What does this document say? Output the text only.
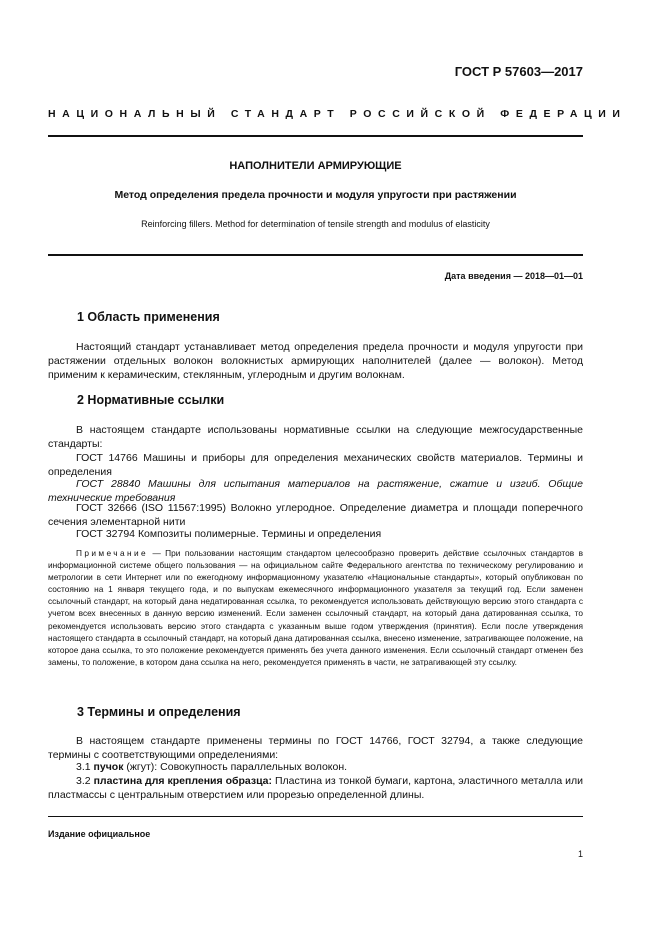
ГОСТ Р 57603—2017
НАЦИОНАЛЬНЫЙ СТАНДАРТ РОССИЙСКОЙ ФЕДЕРАЦИИ
НАПОЛНИТЕЛИ АРМИРУЮЩИЕ
Метод определения предела прочности и модуля упругости при растяжении
Reinforcing fillers. Method for determination of tensile strength and modulus of elasticity
Дата введения — 2018—01—01
1 Область применения
Настоящий стандарт устанавливает метод определения предела прочности и модуля упругости при растяжении отдельных волокон волокнистых армирующих наполнителей (далее — волокон). Метод применим к керамическим, стеклянным, углеродным и другим волокнам.
2 Нормативные ссылки
В настоящем стандарте использованы нормативные ссылки на следующие межгосударственные стандарты:
ГОСТ 14766 Машины и приборы для определения механических свойств материалов. Термины и определения
ГОСТ 28840 Машины для испытания материалов на растяжение, сжатие и изгиб. Общие технические требования
ГОСТ 32666 (ISO 11567:1995) Волокно углеродное. Определение диаметра и площади поперечного сечения элементарной нити
ГОСТ 32794 Композиты полимерные. Термины и определения
Примечание — При пользовании настоящим стандартом целесообразно проверить действие ссылочных стандартов в информационной системе общего пользования — на официальном сайте Федерального агентства по техническому регулированию и метрологии в сети Интернет или по ежегодному информационному указателю «Национальные стандарты», который опубликован по состоянию на 1 января текущего года, и по выпускам ежемесячного информационного указателя за текущий год. Если заменен ссылочный стандарт, на который дана недатированная ссылка, то рекомендуется использовать действующую версию этого стандарта с учетом всех внесенных в данную версию изменений. Если заменен ссылочный стандарт, на который дана датированная ссылка, то рекомендуется использовать версию этого стандарта с указанным выше годом утверждения (принятия). Если после утверждения настоящего стандарта в ссылочный стандарт, на который дана датированная ссылка, внесено изменение, затрагивающее положение, на которое дана ссылка, то это положение рекомендуется применять без учета данного изменения. Если ссылочный стандарт отменен без замены, то положение, в котором дана ссылка на него, рекомендуется применять в части, не затрагивающей эту ссылку.
3 Термины и определения
В настоящем стандарте применены термины по ГОСТ 14766, ГОСТ 32794, а также следующие термины с соответствующими определениями:
3.1 пучок (жгут): Совокупность параллельных волокон.
3.2 пластина для крепления образца: Пластина из тонкой бумаги, картона, эластичного металла или пластмассы с центральным отверстием или прорезью определенной длины.
Издание официальное
1
